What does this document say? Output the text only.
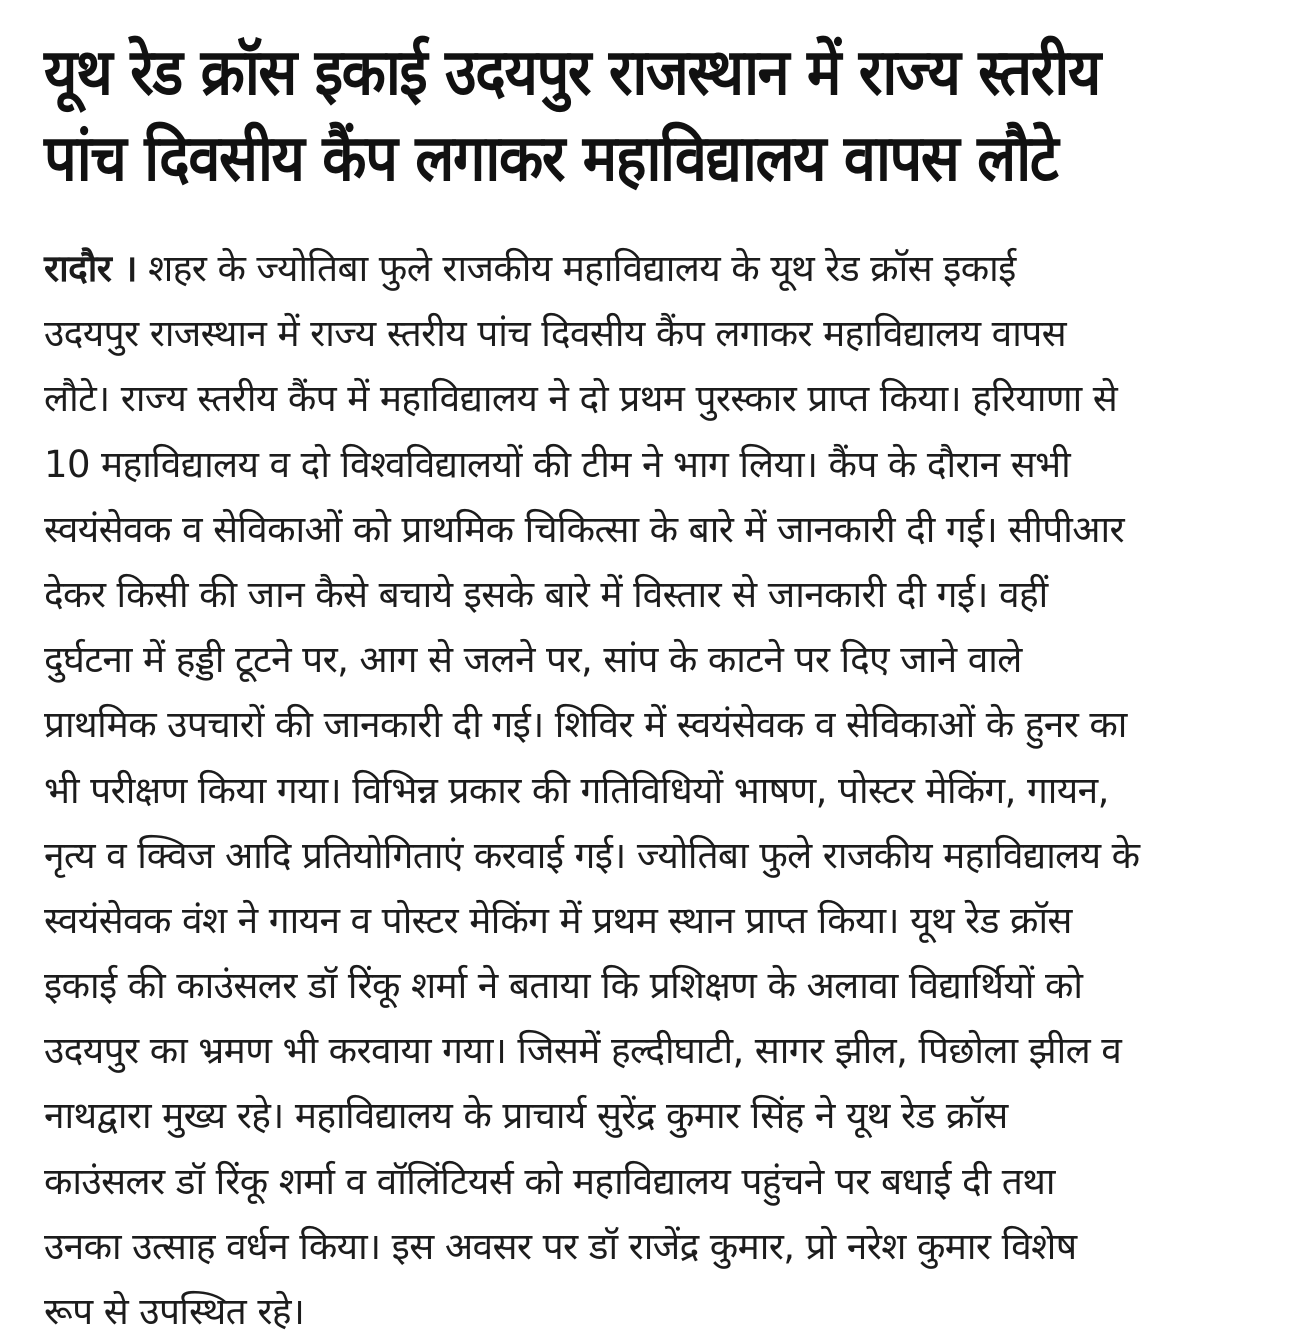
यूथ रेड क्रॉस इकाई उदयपुर राजस्थान में राज्य स्तरीय
पांच दिवसीय कैंप लगाकर महाविद्यालय वापस लौटे
रादौर । शहर के ज्योतिबा फुले राजकीय महाविद्यालय के यूथ रेड क्रॉस इकाई
उदयपुर राजस्थान में राज्य स्तरीय पांच दिवसीय कैंप लगाकर महाविद्यालय वापस
लौटे। राज्य स्तरीय कैंप में महाविद्यालय ने दो प्रथम पुरस्कार प्राप्त किया। हरियाणा से
10 महाविद्यालय व दो विश्वविद्यालयों की टीम ने भाग लिया। कैंप के दौरान सभी
स्वयंसेवक व सेविकाओं को प्राथमिक चिकित्सा के बारे में जानकारी दी गई। सीपीआर
देकर किसी की जान कैसे बचाये इसके बारे में विस्तार से जानकारी दी गई। वहीं
दुर्घटना में हड्डी टूटने पर, आग से जलने पर, सांप के काटने पर दिए जाने वाले
प्राथमिक उपचारों की जानकारी दी गई। शिविर में स्वयंसेवक व सेविकाओं के हुनर का
भी परीक्षण किया गया। विभिन्न प्रकार की गतिविधियों भाषण, पोस्टर मेकिंग, गायन,
नृत्य व क्विज आदि प्रतियोगिताएं करवाई गई। ज्योतिबा फुले राजकीय महाविद्यालय के
स्वयंसेवक वंश ने गायन व पोस्टर मेकिंग में प्रथम स्थान प्राप्त किया। यूथ रेड क्रॉस
इकाई की काउंसलर डॉ रिंकू शर्मा ने बताया कि प्रशिक्षण के अलावा विद्यार्थियों को
उदयपुर का भ्रमण भी करवाया गया। जिसमें हल्दीघाटी, सागर झील, पिछोला झील व
नाथद्वारा मुख्य रहे। महाविद्यालय के प्राचार्य सुरेंद्र कुमार सिंह ने यूथ रेड क्रॉस
काउंसलर डॉ रिंकू शर्मा व वॉलिंटियर्स को महाविद्यालय पहुंचने पर बधाई दी तथा
उनका उत्साह वर्धन किया। इस अवसर पर डॉ राजेंद्र कुमार, प्रो नरेश कुमार विशेष
रूप से उपस्थित रहे।
